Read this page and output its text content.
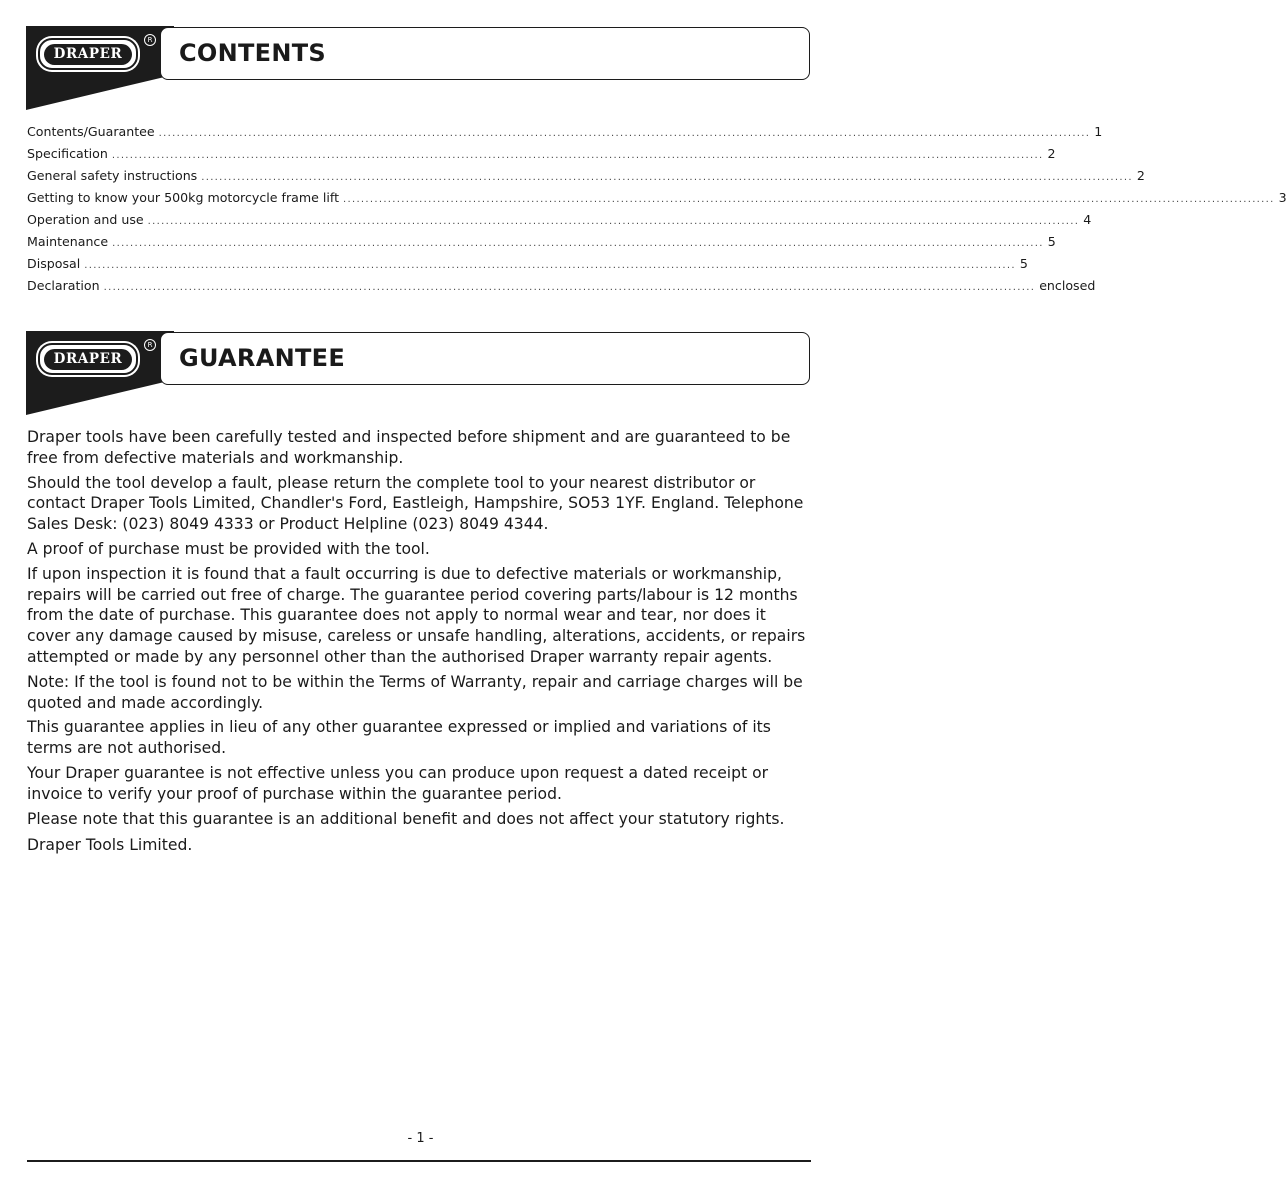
DRAPER
R CONTENTS
Contents/Guarantee ................................................................................................................................................................................................................ 1
Specification ................................................................................................................................................................................................................ 2
General safety instructions ................................................................................................................................................................................................................ 2
Getting to know your 500kg motorcycle frame lift ................................................................................................................................................................................................................ 3
Operation and use ................................................................................................................................................................................................................ 4
Maintenance ................................................................................................................................................................................................................ 5
Disposal ................................................................................................................................................................................................................ 5
Declaration ................................................................................................................................................................................................................ enclosed
DRAPER
R GUARANTEE

Draper tools have been carefully tested and inspected before shipment and are guaranteed to be free from defective materials and workmanship.

Should the tool develop a fault, please return the complete tool to your nearest distributor or contact Draper Tools Limited, Chandler's Ford, Eastleigh, Hampshire, SO53 1YF. England. Telephone Sales Desk: (023) 8049 4333 or Product Helpline (023) 8049 4344.

A proof of purchase must be provided with the tool.

If upon inspection it is found that a fault occurring is due to defective materials or workmanship, repairs will be carried out free of charge. The guarantee period covering parts/labour is 12 months from the date of purchase. This guarantee does not apply to normal wear and tear, nor does it cover any damage caused by misuse, careless or unsafe handling, alterations, accidents, or repairs attempted or made by any personnel other than the authorised Draper warranty repair agents.

Note: If the tool is found not to be within the Terms of Warranty, repair and carriage charges will be quoted and made accordingly.

This guarantee applies in lieu of any other guarantee expressed or implied and variations of its terms are not authorised.

Your Draper guarantee is not effective unless you can produce upon request a dated receipt or invoice to verify your proof of purchase within the guarantee period.

Please note that this guarantee is an additional benefit and does not affect your statutory rights.

Draper Tools Limited.

- 1 -
